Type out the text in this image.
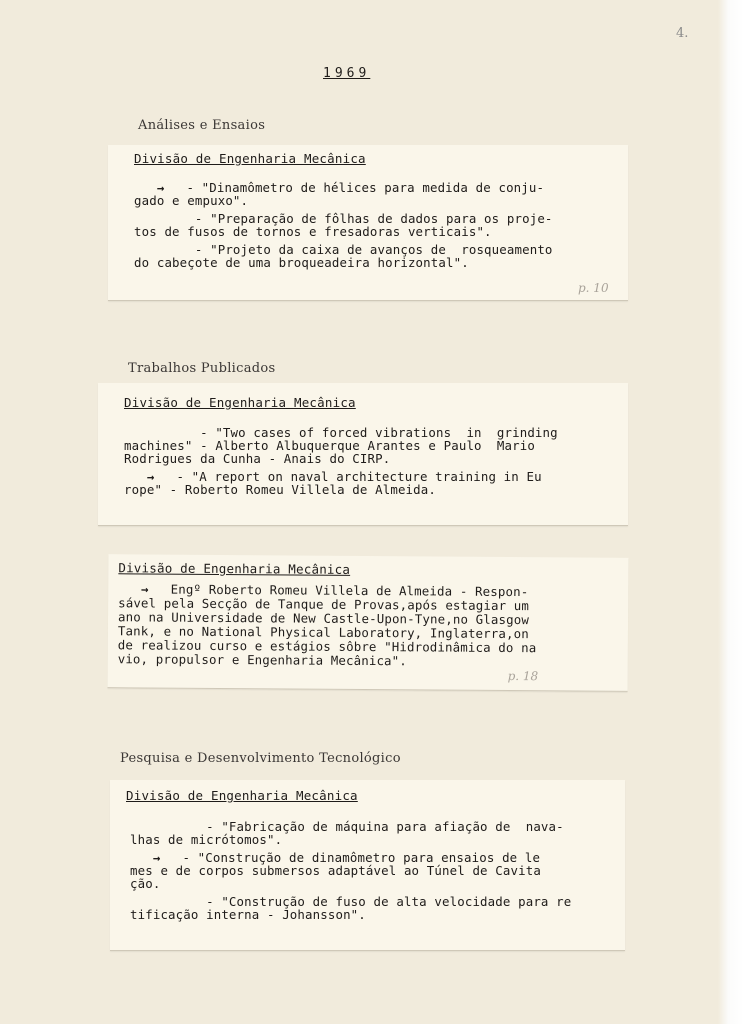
4.
1969
Análises e Ensaios
Trabalhos Publicados
Pesquisa e Desenvolvimento Tecnológico
Divisão de Engenharia Mecânica
→ - "Dinamômetro de hélices para medida de conju-
gado e empuxo".
- "Preparação de fôlhas de dados para os proje-
tos de fusos de tornos e fresadoras verticais".
- "Projeto da caixa de avanços de  rosqueamento
do cabeçote de uma broqueadeira horizontal".
p. 10
Divisão de Engenharia Mecânica
- "Two cases of forced vibrations  in  grinding
machines" - Alberto Albuquerque Arantes e Paulo  Mario
Rodrigues da Cunha - Anais do CIRP.
→ - "A report on naval architecture training in Eu
rope" - Roberto Romeu Villela de Almeida.
Divisão de Engenharia Mecânica
→ Engº Roberto Romeu Villela de Almeida - Respon-
sável pela Secção de Tanque de Provas,após estagiar um
ano na Universidade de New Castle-Upon-Tyne,no Glasgow
Tank, e no National Physical Laboratory, Inglaterra,on
de realizou curso e estágios sôbre "Hidrodinâmica do na
vio, propulsor e Engenharia Mecânica".
p. 18
Divisão de Engenharia Mecânica
- "Fabricação de máquina para afiação de  nava-
lhas de micrótomos".
→ - "Construção de dinamômetro para ensaios de le
mes e de corpos submersos adaptável ao Túnel de Cavita
ção.
- "Construção de fuso de alta velocidade para re
tificação interna - Johansson".
